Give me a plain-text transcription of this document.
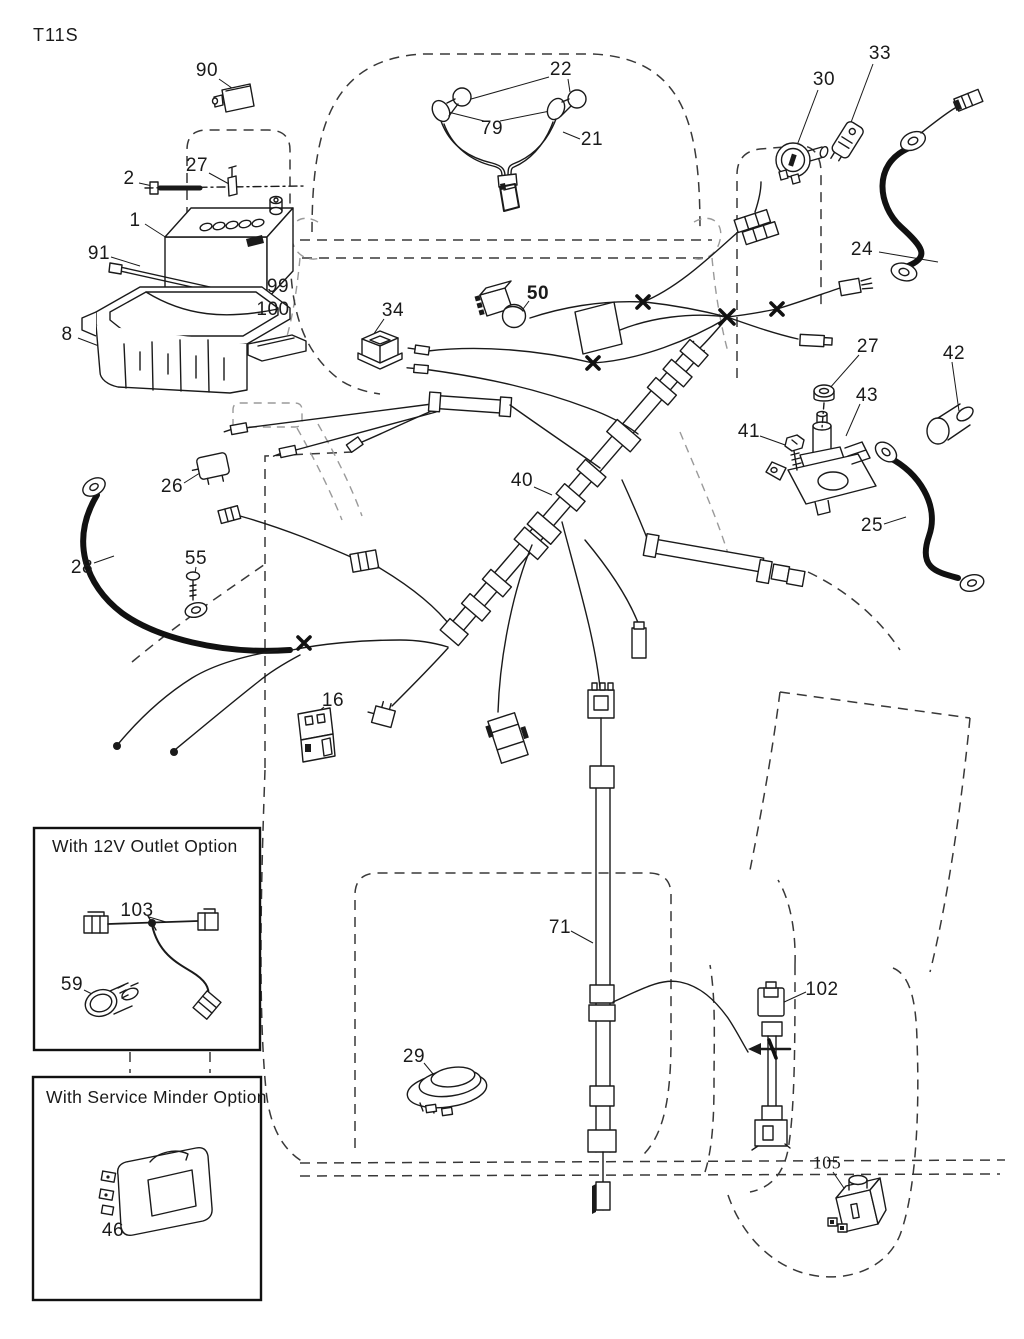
T11S
With 12V Outlet Option
With Service Minder Option
90	22
33
30
79
21
2
27
1
24
91
99
100
8
34
50
27	42
43
41
26	40
25
55
28
16
71
103
59	102
29
105
46
